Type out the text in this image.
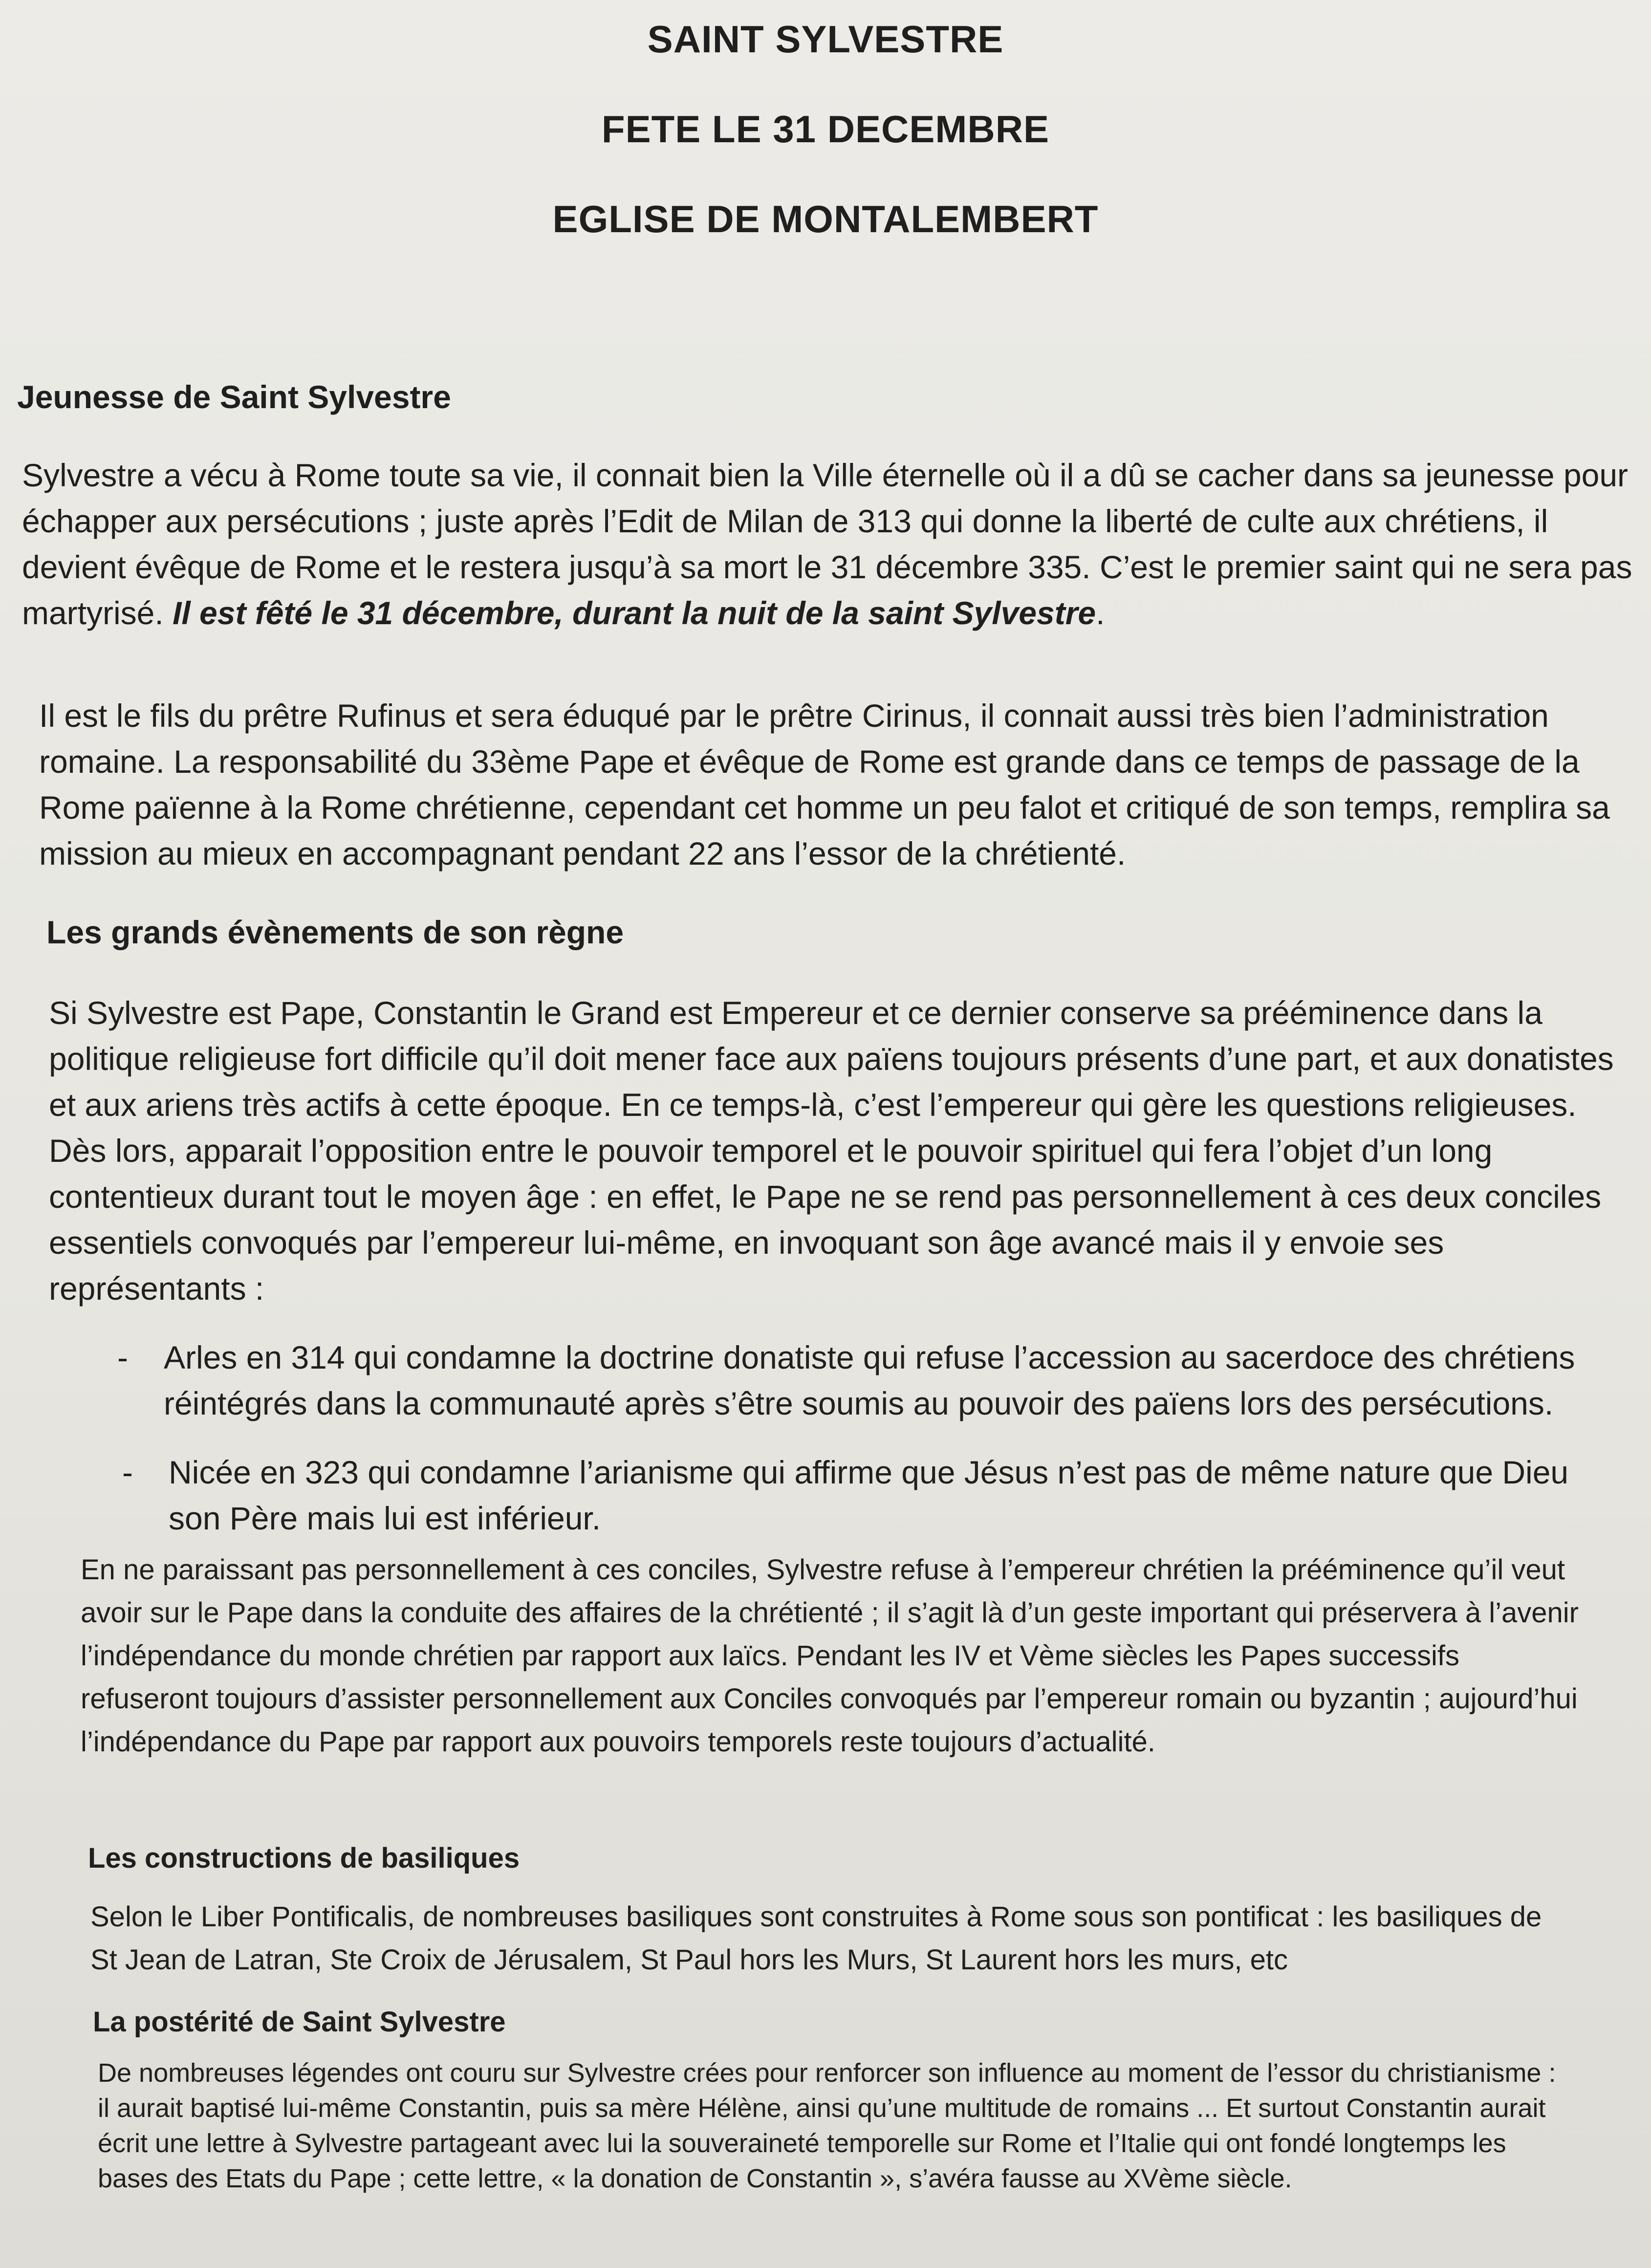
SAINT SYLVESTRE
FETE LE 31 DECEMBRE
EGLISE DE MONTALEMBERT
Jeunesse de Saint Sylvestre

Sylvestre a vécu à Rome toute sa vie, il connait bien la Ville éternelle où il a dû se cacher dans sa jeunesse pour échapper aux persécutions ; juste après l’Edit de Milan de 313 qui donne la liberté de culte aux chrétiens, il devient évêque de Rome et le restera jusqu’à sa mort le 31 décembre 335. C’est le premier saint qui ne sera pas martyrisé. Il est fêté le 31 décembre, durant la nuit de la saint Sylvestre.

Il est le fils du prêtre Rufinus et sera éduqué par le prêtre Cirinus, il connait aussi très bien l’administration romaine. La responsabilité du 33ème Pape et évêque de Rome est grande dans ce temps de passage de la Rome païenne à la Rome chrétienne, cependant cet homme un peu falot et critiqué de son temps, remplira sa mission au mieux en accompagnant pendant 22 ans l’essor de la chrétienté.

Les grands évènements de son règne

Si Sylvestre est Pape, Constantin le Grand est Empereur et ce dernier conserve sa prééminence dans la politique religieuse fort difficile qu’il doit mener face aux païens toujours présents d’une part, et aux donatistes et aux ariens très actifs à cette époque. En ce temps-là, c’est l’empereur qui gère les questions religieuses. Dès lors, apparait l’opposition entre le pouvoir temporel et le pouvoir spirituel qui fera l’objet d’un long contentieux durant tout le moyen âge : en effet, le Pape ne se rend pas personnellement à ces deux conciles essentiels convoqués par l’empereur lui-même, en invoquant son âge avancé mais il y envoie ses représentants :

- Arles en 314 qui condamne la doctrine donatiste qui refuse l’accession au sacerdoce des chrétiens réintégrés dans la communauté après s’être soumis au pouvoir des païens lors des persécutions.
- Nicée en 323 qui condamne l’arianisme qui affirme que Jésus n’est pas de même nature que Dieu son Père mais lui est inférieur.

En ne paraissant pas personnellement à ces conciles, Sylvestre refuse à l’empereur chrétien la prééminence qu’il veut avoir sur le Pape dans la conduite des affaires de la chrétienté ; il s’agit là d’un geste important qui préservera à l’avenir l’indépendance du monde chrétien par rapport aux laïcs. Pendant les IV et Vème siècles les Papes successifs refuseront toujours d’assister personnellement aux Conciles convoqués par l’empereur romain ou byzantin ; aujourd’hui l’indépendance du Pape par rapport aux pouvoirs temporels reste toujours d’actualité.

Les constructions de basiliques

Selon le Liber Pontificalis, de nombreuses basiliques sont construites à Rome sous son pontificat : les basiliques de St Jean de Latran, Ste Croix de Jérusalem, St Paul hors les Murs, St Laurent hors les murs, etc

La postérité de Saint Sylvestre

De nombreuses légendes ont couru sur Sylvestre crées pour renforcer son influence au moment de l’essor du christianisme : il aurait baptisé lui-même Constantin, puis sa mère Hélène, ainsi qu’une multitude de romains ... Et surtout Constantin aurait écrit une lettre à Sylvestre partageant avec lui la souveraineté temporelle sur Rome et l’Italie qui ont fondé longtemps les bases des Etats du Pape ; cette lettre, « la donation de Constantin », s’avéra fausse au XVème siècle.
